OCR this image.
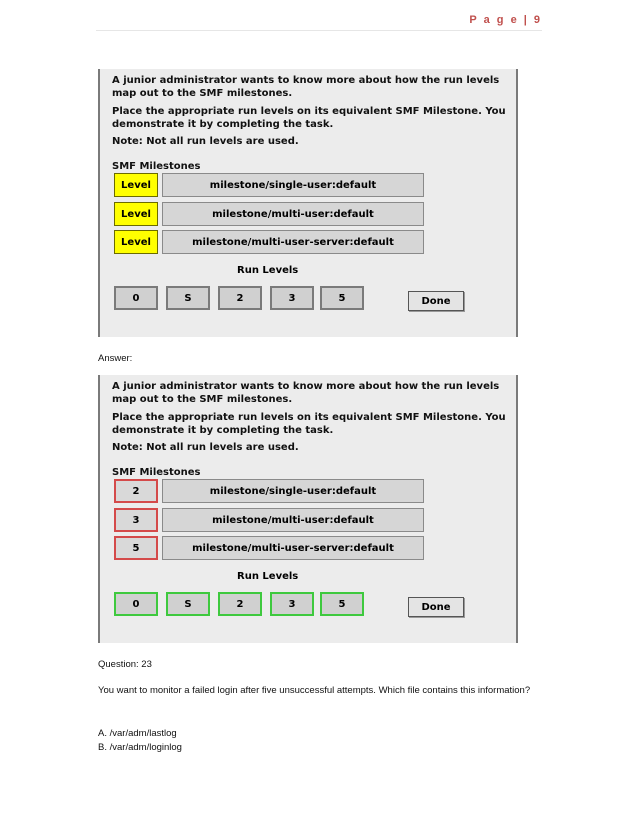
P a g e | 9
A junior administrator wants to know more about how the run levels map out to the SMF milestones.
Place the appropriate run levels on its equivalent SMF Milestone. You demonstrate it by completing the task.
Note: Not all run levels are used.
SMF Milestones
Level	milestone/single-user:default
Level	milestone/multi-user:default
Level	milestone/multi-user-server:default
Run Levels
0	S	2	3	5	Done
Answer:
A junior administrator wants to know more about how the run levels map out to the SMF milestones.
Place the appropriate run levels on its equivalent SMF Milestone. You demonstrate it by completing the task.
Note: Not all run levels are used.
SMF Milestones
2	milestone/single-user:default
3	milestone/multi-user:default
5	milestone/multi-user-server:default
Run Levels
0	S	2	3	5	Done
Question: 23
You want to monitor a failed login after five unsuccessful attempts. Which file contains this information?
A. /var/adm/lastlog
B. /var/adm/loginlog
